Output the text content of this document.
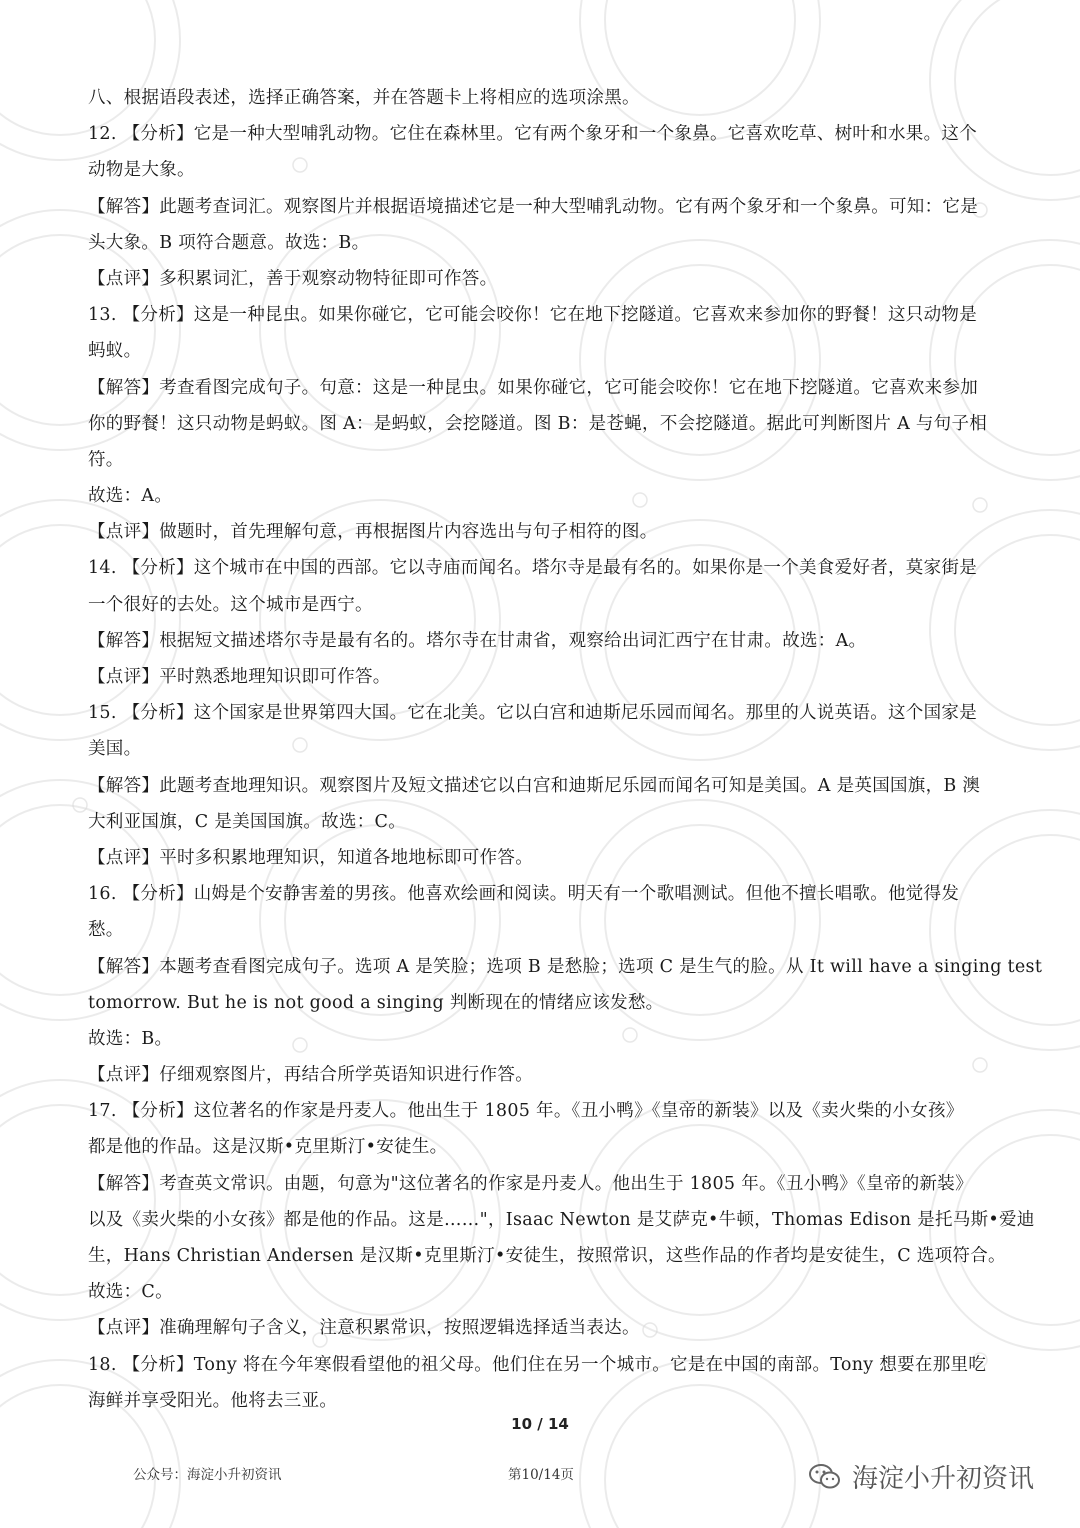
八、根据语段表述，选择正确答案，并在答题卡上将相应的选项涂黑。
12. 【分析】它是一种大型哺乳动物。它住在森林里。它有两个象牙和一个象鼻。它喜欢吃草、树叶和水果。这个
动物是大象。
【解答】此题考查词汇。观察图片并根据语境描述它是一种大型哺乳动物。它有两个象牙和一个象鼻。可知：它是
头大象。B 项符合题意。故选：B。
【点评】多积累词汇，善于观察动物特征即可作答。
13. 【分析】这是一种昆虫。如果你碰它，它可能会咬你！它在地下挖隧道。它喜欢来参加你的野餐！这只动物是
蚂蚁。
【解答】考查看图完成句子。句意：这是一种昆虫。如果你碰它，它可能会咬你！它在地下挖隧道。它喜欢来参加
你的野餐！这只动物是蚂蚁。图 A：是蚂蚁，会挖隧道。图 B：是苍蝇，不会挖隧道。据此可判断图片 A 与句子相
符。
故选：A。
【点评】做题时，首先理解句意，再根据图片内容选出与句子相符的图。
14. 【分析】这个城市在中国的西部。它以寺庙而闻名。塔尔寺是最有名的。如果你是一个美食爱好者，莫家街是
一个很好的去处。这个城市是西宁。
【解答】根据短文描述塔尔寺是最有名的。塔尔寺在甘肃省，观察给出词汇西宁在甘肃。故选：A。
【点评】平时熟悉地理知识即可作答。
15. 【分析】这个国家是世界第四大国。它在北美。它以白宫和迪斯尼乐园而闻名。那里的人说英语。这个国家是
美国。
【解答】此题考查地理知识。观察图片及短文描述它以白宫和迪斯尼乐园而闻名可知是美国。A 是英国国旗，B 澳
大利亚国旗，C 是美国国旗。故选：C。
【点评】平时多积累地理知识，知道各地地标即可作答。
16. 【分析】山姆是个安静害羞的男孩。他喜欢绘画和阅读。明天有一个歌唱测试。但他不擅长唱歌。他觉得发
愁。
【解答】本题考查看图完成句子。选项 A 是笑脸；选项 B 是愁脸；选项 C 是生气的脸。从 It will have a singing test
tomorrow. But he is not good a singing 判断现在的情绪应该发愁。
故选：B。
【点评】仔细观察图片，再结合所学英语知识进行作答。
17. 【分析】这位著名的作家是丹麦人。他出生于 1805 年。《丑小鸭》《皇帝的新装》以及《卖火柴的小女孩》
都是他的作品。这是汉斯•克里斯汀•安徒生。
【解答】考查英文常识。由题，句意为"这位著名的作家是丹麦人。他出生于 1805 年。《丑小鸭》《皇帝的新装》
以及《卖火柴的小女孩》都是他的作品。这是……"，Isaac Newton 是艾萨克•牛顿，Thomas Edison 是托马斯•爱迪
生，Hans Christian Andersen 是汉斯•克里斯汀•安徒生，按照常识，这些作品的作者均是安徒生，C 选项符合。
故选：C。
【点评】准确理解句子含义，注意积累常识，按照逻辑选择适当表达。
18. 【分析】Tony 将在今年寒假看望他的祖父母。他们住在另一个城市。它是在中国的南部。Tony 想要在那里吃
海鲜并享受阳光。他将去三亚。
10 / 14
公众号：海淀小升初资讯	第10/14页	海淀小升初资讯
